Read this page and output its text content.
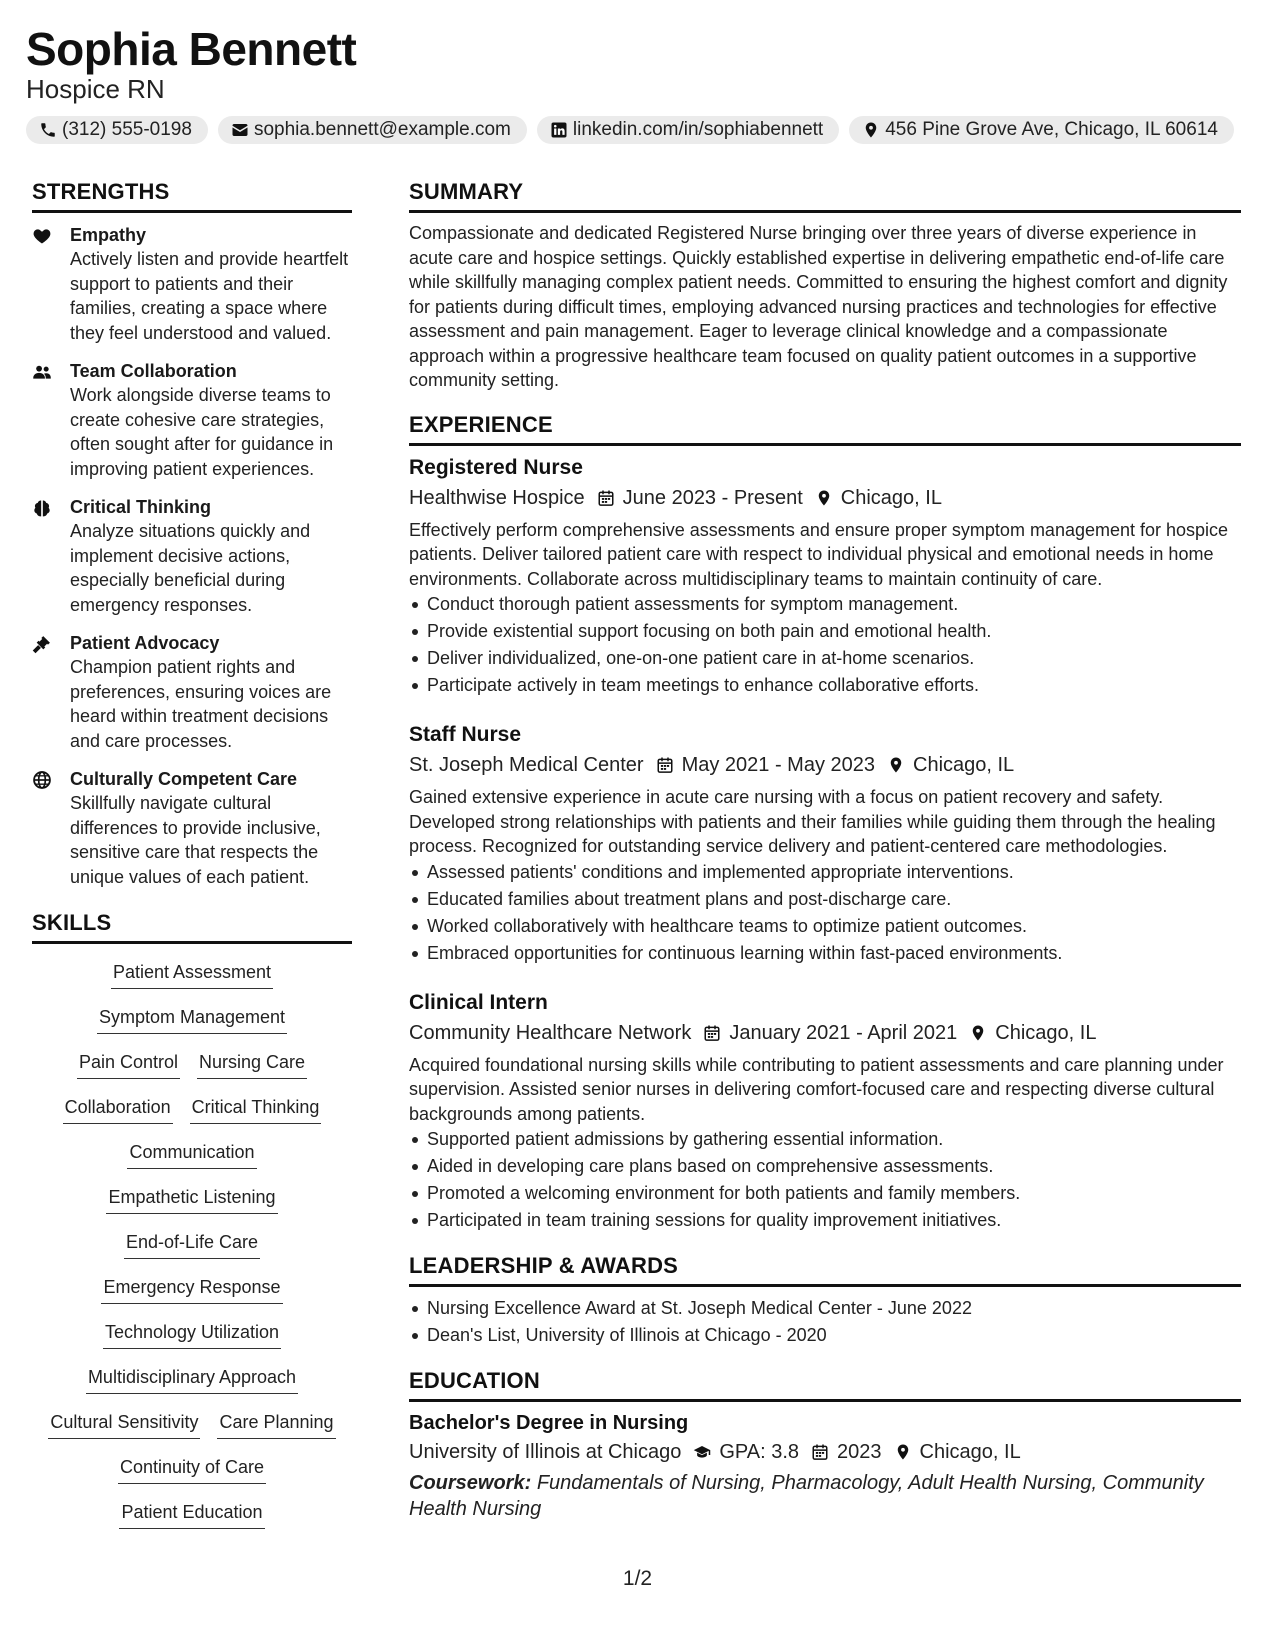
Sophia Bennett
Hospice RN
(312) 555-0198	sophia.bennett@example.com	linkedin.com/in/sophiabennett	456 Pine Grove Ave, Chicago, IL 60614
STRENGTHS
Empathy
Actively listen and provide heartfelt support to patients and their families, creating a space where they feel understood and valued.
Team Collaboration
Work alongside diverse teams to create cohesive care strategies, often sought after for guidance in improving patient experiences.
Critical Thinking
Analyze situations quickly and implement decisive actions, especially beneficial during emergency responses.
Patient Advocacy
Champion patient rights and preferences, ensuring voices are heard within treatment decisions and care processes.
Culturally Competent Care
Skillfully navigate cultural differences to provide inclusive, sensitive care that respects the unique values of each patient.
SKILLS
Patient Assessment
Symptom Management
Pain Control Nursing Care
Collaboration Critical Thinking
Communication
Empathetic Listening
End-of-Life Care
Emergency Response
Technology Utilization
Multidisciplinary Approach
Cultural Sensitivity Care Planning
Continuity of Care
Patient Education
SUMMARY
Compassionate and dedicated Registered Nurse bringing over three years of diverse experience in acute care and hospice settings. Quickly established expertise in delivering empathetic end-of-life care while skillfully managing complex patient needs. Committed to ensuring the highest comfort and dignity for patients during difficult times, employing advanced nursing practices and technologies for effective assessment and pain management. Eager to leverage clinical knowledge and a compassionate approach within a progressive healthcare team focused on quality patient outcomes in a supportive community setting.
EXPERIENCE
Registered Nurse
Healthwise Hospice June 2023 - Present Chicago, IL
Effectively perform comprehensive assessments and ensure proper symptom management for hospice patients. Deliver tailored patient care with respect to individual physical and emotional needs in home environments. Collaborate across multidisciplinary teams to maintain continuity of care.
Conduct thorough patient assessments for symptom management.
Provide existential support focusing on both pain and emotional health.
Deliver individualized, one-on-one patient care in at-home scenarios.
Participate actively in team meetings to enhance collaborative efforts.
Staff Nurse
St. Joseph Medical Center May 2021 - May 2023 Chicago, IL
Gained extensive experience in acute care nursing with a focus on patient recovery and safety. Developed strong relationships with patients and their families while guiding them through the healing process. Recognized for outstanding service delivery and patient-centered care methodologies.
Assessed patients' conditions and implemented appropriate interventions.
Educated families about treatment plans and post-discharge care.
Worked collaboratively with healthcare teams to optimize patient outcomes.
Embraced opportunities for continuous learning within fast-paced environments.
Clinical Intern
Community Healthcare Network January 2021 - April 2021 Chicago, IL
Acquired foundational nursing skills while contributing to patient assessments and care planning under supervision. Assisted senior nurses in delivering comfort-focused care and respecting diverse cultural backgrounds among patients.
Supported patient admissions by gathering essential information.
Aided in developing care plans based on comprehensive assessments.
Promoted a welcoming environment for both patients and family members.
Participated in team training sessions for quality improvement initiatives.
LEADERSHIP & AWARDS
Nursing Excellence Award at St. Joseph Medical Center - June 2022
Dean's List, University of Illinois at Chicago - 2020
EDUCATION
Bachelor's Degree in Nursing
University of Illinois at Chicago GPA: 3.8 2023 Chicago, IL
Coursework: Fundamentals of Nursing, Pharmacology, Adult Health Nursing, Community Health Nursing
1/2
